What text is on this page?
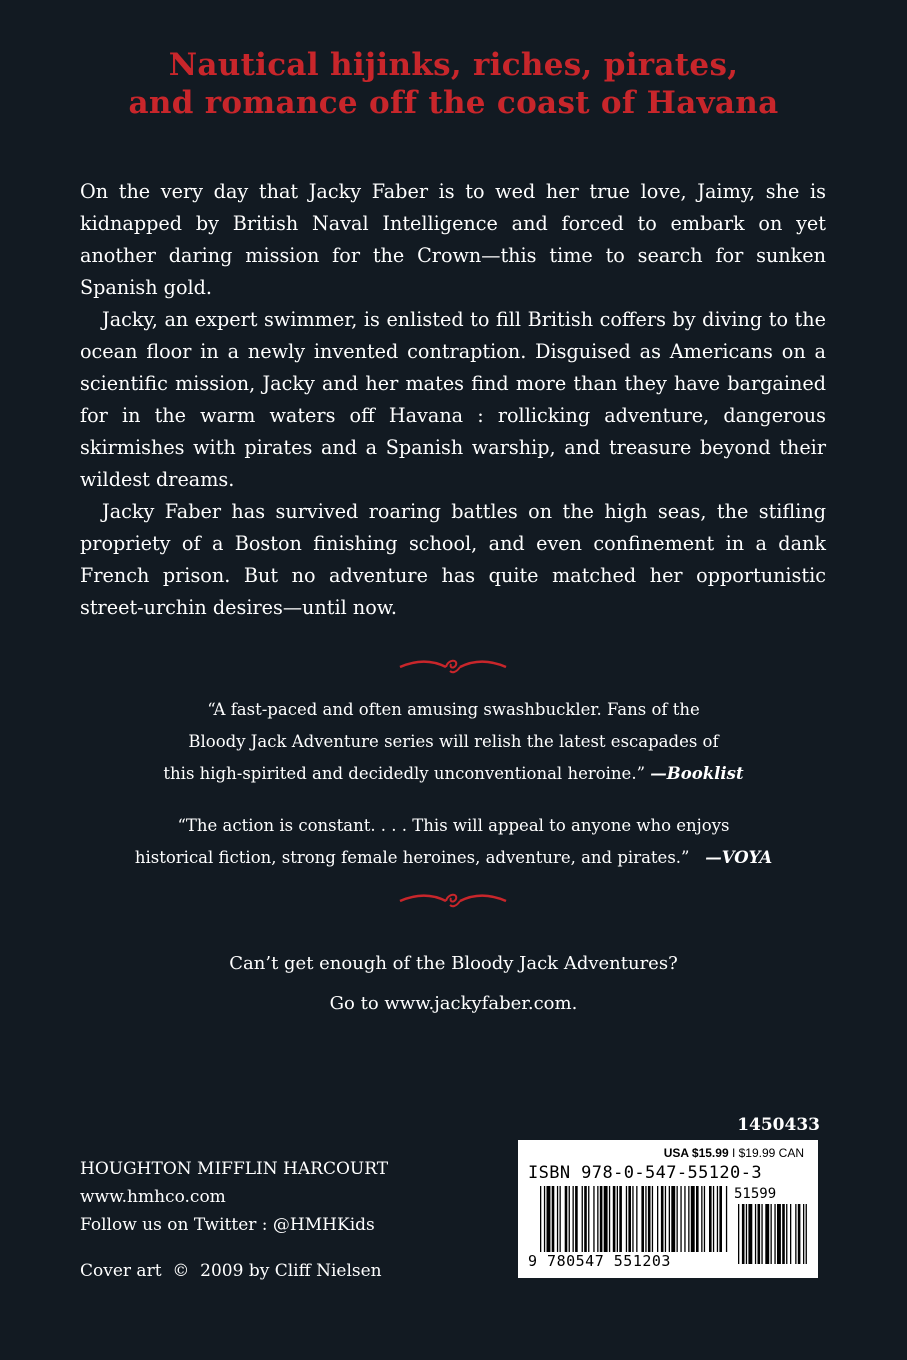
Nautical hijinks, riches, pirates,
and romance off the coast of Havana

On the very day that Jacky Faber is to wed her true love, Jaimy, she is kidnapped by British Naval Intelligence and forced to embark on yet another daring mission for the Crown—this time to search for sunken Spanish gold.

Jacky, an expert swimmer, is enlisted to fill British coffers by diving to the ocean floor in a newly invented contraption. Disguised as Americans on a scientific mission, Jacky and her mates find more than they have bargained for in the warm waters off Havana : rollicking adventure, dangerous skirmishes with pirates and a Spanish warship, and treasure beyond their wildest dreams.

Jacky Faber has survived roaring battles on the high seas, the stifling propriety of a Boston finishing school, and even confinement in a dank French prison. But no adventure has quite matched her opportunistic street-urchin desires—until now.

“A fast-paced and often amusing swashbuckler. Fans of the
Bloody Jack Adventure series will relish the latest escapades of
this high-spirited and decidedly unconventional heroine.” —Booklist
“The action is constant. . . . This will appeal to anyone who enjoys
historical fiction, strong female heroines, adventure, and pirates.”   —VOYA
Can’t get enough of the Bloody Jack Adventures?
Go to www.jackyfaber.com.
HOUGHTON MIFFLIN HARCOURT
www.hmhco.com
Follow us on Twitter : @HMHKids
Cover art  ©  2009 by Cliff Nielsen
1450433
USA $15.99 I $19.99 CAN
ISBN 978-0-547-55120-3
51599
9 780547 551203
